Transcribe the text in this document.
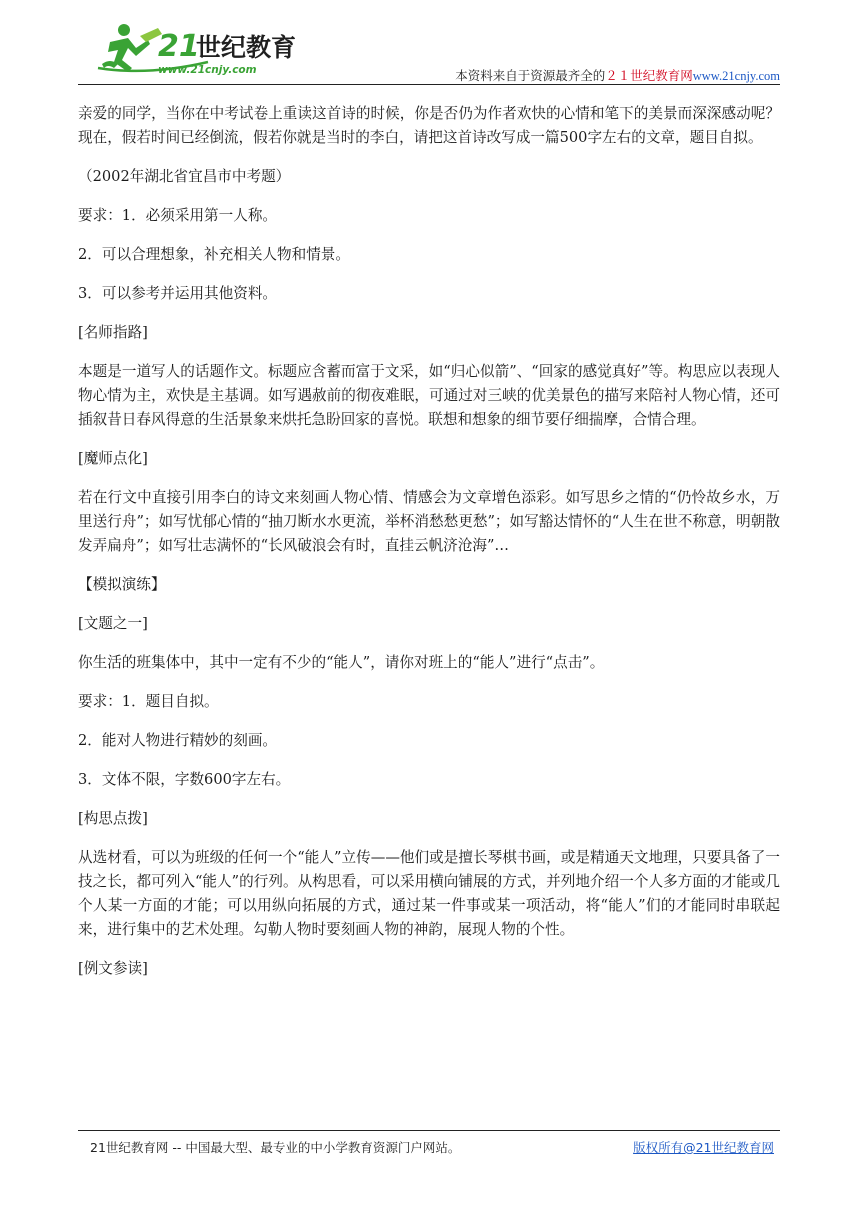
21
世纪教育
www.21cnjy.com	本资料来自于资源最齐全的２１世纪教育网www.21cnjy.com

亲爱的同学，当你在中考试卷上重读这首诗的时候，你是否仍为作者欢快的心情和笔下的美景而深深感动呢？现在，假若时间已经倒流，假若你就是当时的李白，请把这首诗改写成一篇500字左右的文章，题目自拟。

（2002年湖北省宜昌市中考题）

要求：1．必须采用第一人称。

2．可以合理想象，补充相关人物和情景。

3．可以参考并运用其他资料。

[名师指路]

本题是一道写人的话题作文。标题应含蓄而富于文采，如“归心似箭”、“回家的感觉真好”等。构思应以表现人物心情为主，欢快是主基调。如写遇赦前的彻夜难眠，可通过对三峡的优美景色的描写来陪衬人物心情，还可插叙昔日春风得意的生活景象来烘托急盼回家的喜悦。联想和想象的细节要仔细揣摩，合情合理。

[魔师点化]

若在行文中直接引用李白的诗文来刻画人物心情、情感会为文章增色添彩。如写思乡之情的“仍怜故乡水，万里送行舟”；如写忧郁心情的“抽刀断水水更流，举杯消愁愁更愁”；如写豁达情怀的“人生在世不称意，明朝散发弄扁舟”；如写壮志满怀的“长风破浪会有时，直挂云帆济沧海”…

【模拟演练】

[文题之一]

你生活的班集体中，其中一定有不少的“能人”，请你对班上的“能人”进行“点击”。

要求：1．题目自拟。

2．能对人物进行精妙的刻画。

3．文体不限，字数600字左右。

[构思点拨]

从选材看，可以为班级的任何一个“能人”立传——他们或是擅长琴棋书画，或是精通天文地理，只要具备了一技之长，都可列入“能人”的行列。从构思看，可以采用横向铺展的方式，并列地介绍一个人多方面的才能或几个人某一方面的才能；可以用纵向拓展的方式，通过某一件事或某一项活动，将“能人”们的才能同时串联起来，进行集中的艺术处理。勾勒人物时要刻画人物的神韵，展现人物的个性。

[例文参读]

21世纪教育网 -- 中国最大型、最专业的中小学教育资源门户网站。	版权所有@21世纪教育网
